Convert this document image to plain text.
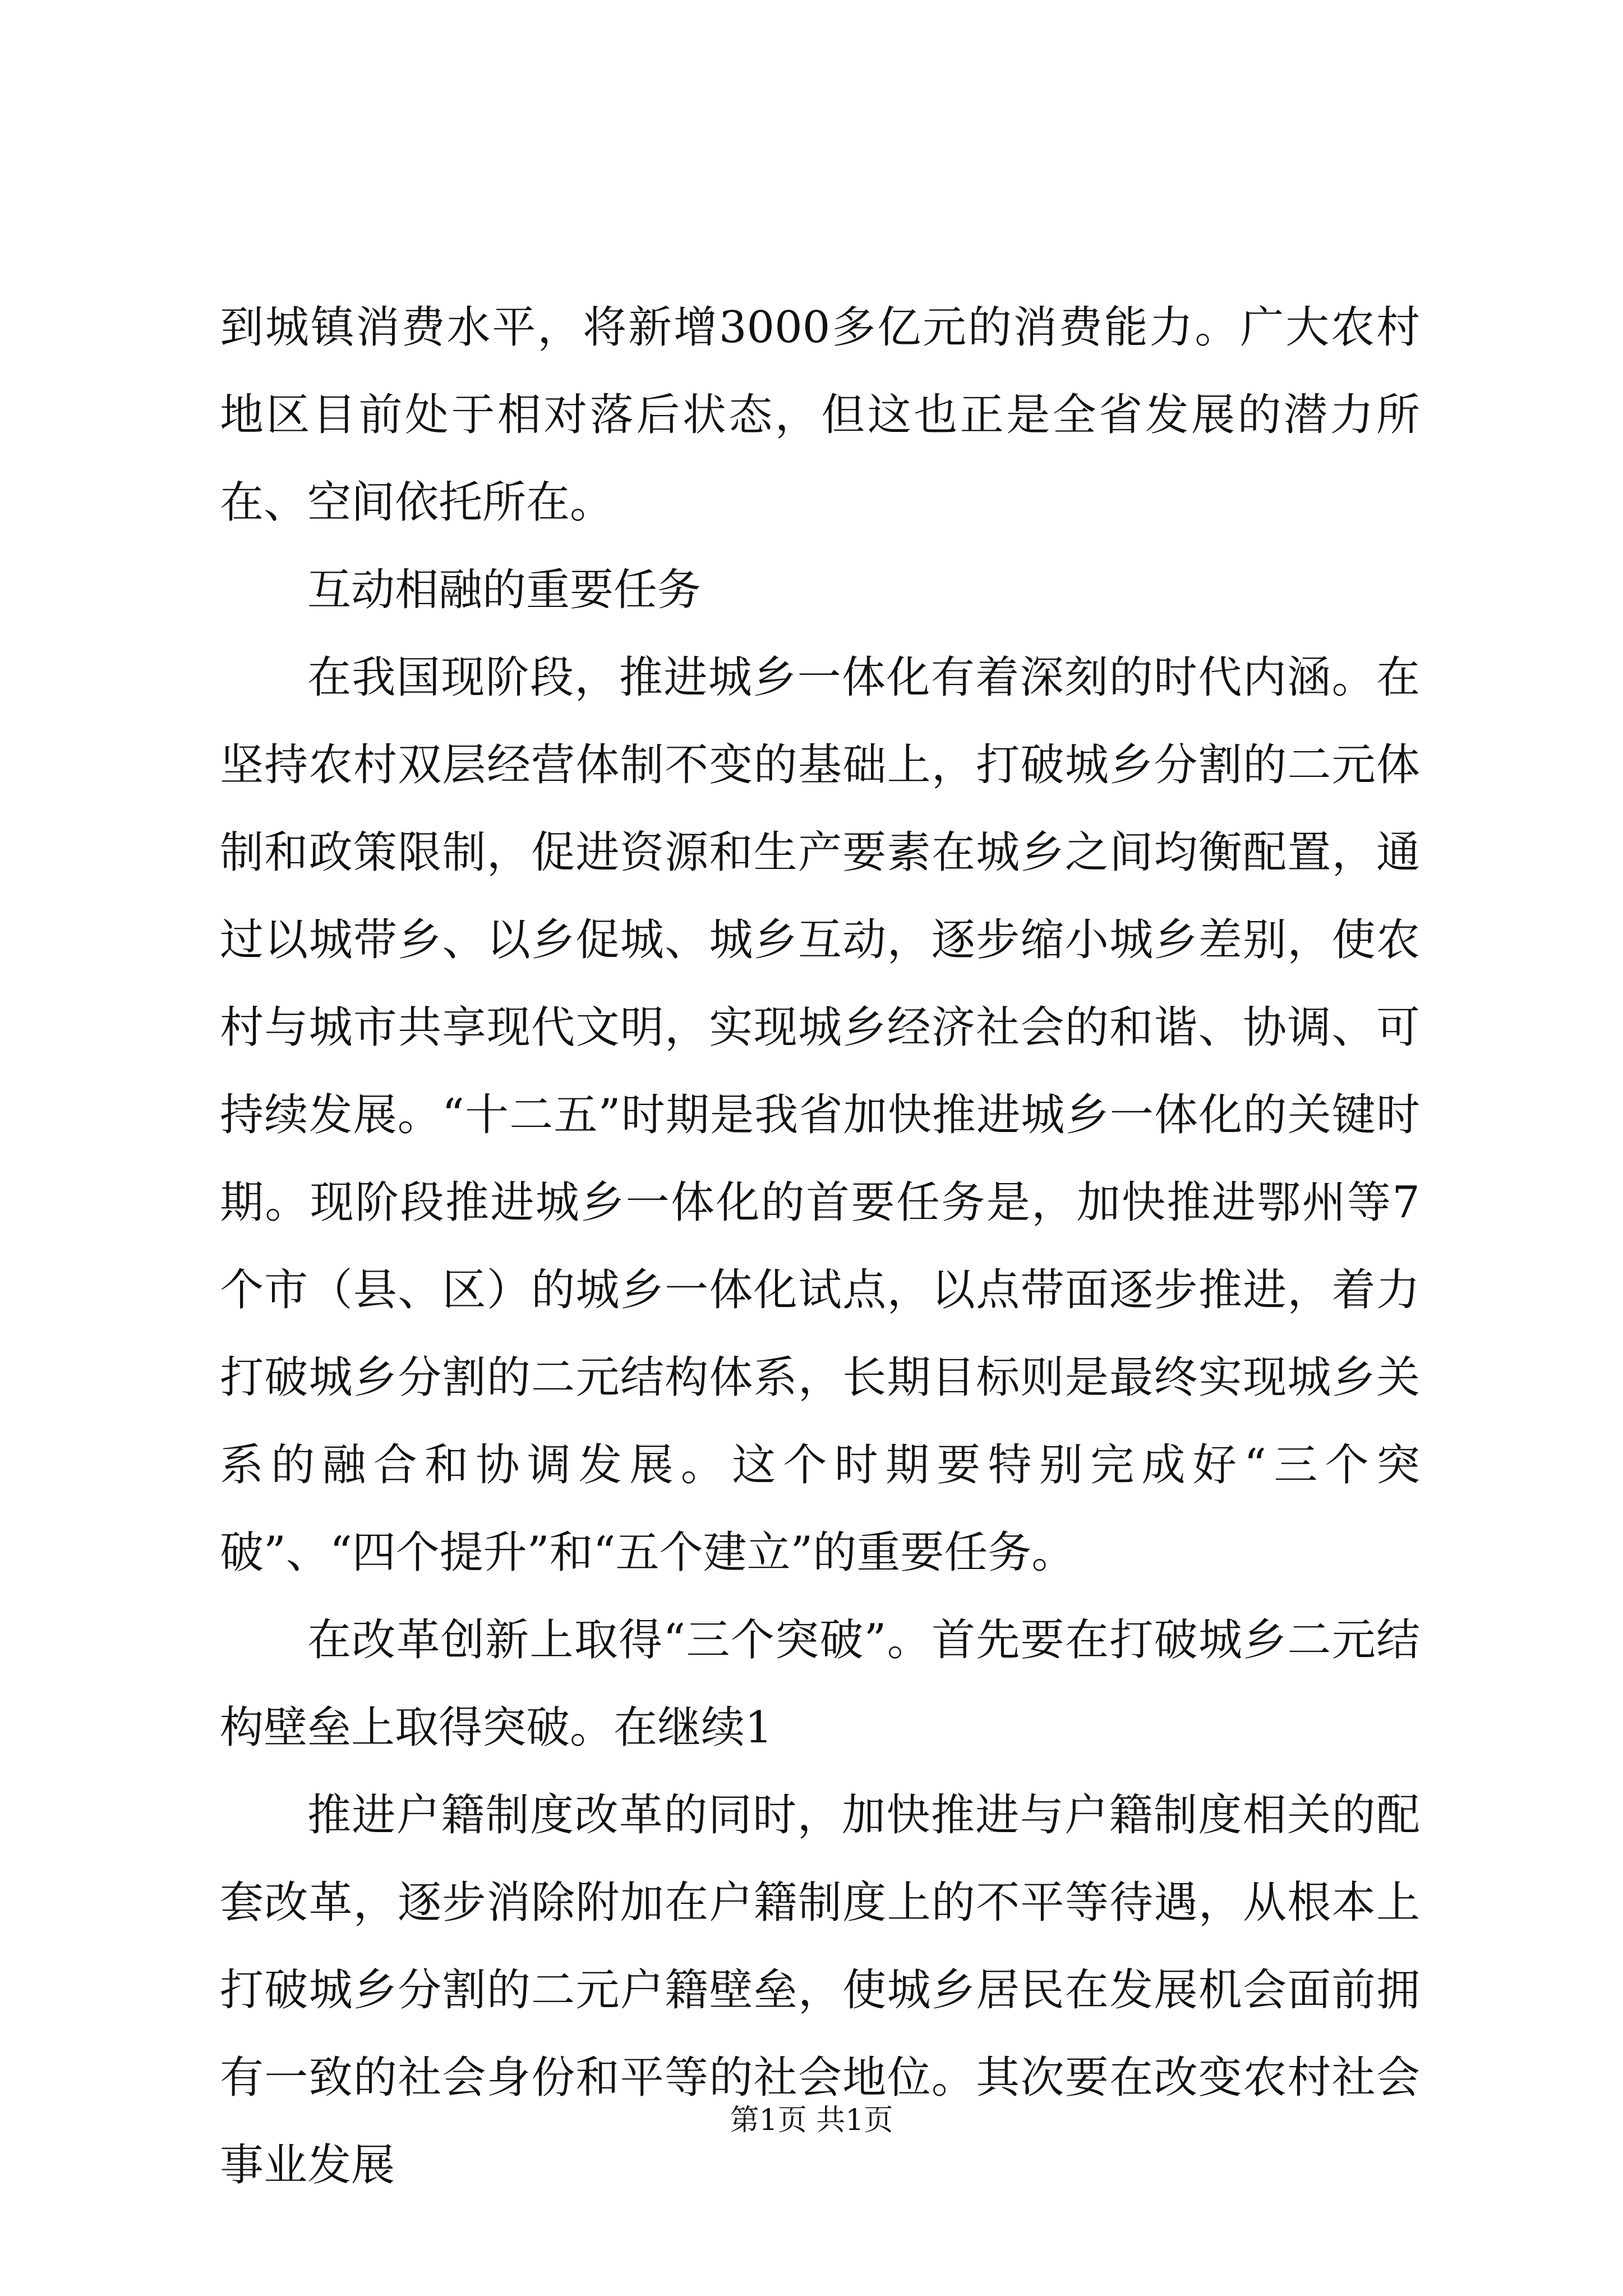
到城镇消费水平，将新增3000多亿元的消费能力。广大农村地区目前处于相对落后状态，但这也正是全省发展的潜力所在、空间依托所在。

互动相融的重要任务

在我国现阶段，推进城乡一体化有着深刻的时代内涵。在坚持农村双层经营体制不变的基础上，打破城乡分割的二元体制和政策限制，促进资源和生产要素在城乡之间均衡配置，通过以城带乡、以乡促城、城乡互动，逐步缩小城乡差别，使农村与城市共享现代文明，实现城乡经济社会的和谐、协调、可持续发展。“十二五”时期是我省加快推进城乡一体化的关键时期。现阶段推进城乡一体化的首要任务是，加快推进鄂州等7个市（县、区）的城乡一体化试点，以点带面逐步推进，着力打破城乡分割的二元结构体系，长期目标则是最终实现城乡关系的融合和协调发展。这个时期要特别完成好“三个突破”、“四个提升”和“五个建立”的重要任务。

在改革创新上取得“三个突破”。首先要在打破城乡二元结构壁垒上取得突破。在继续1

推进户籍制度改革的同时，加快推进与户籍制度相关的配套改革，逐步消除附加在户籍制度上的不平等待遇，从根本上打破城乡分割的二元户籍壁垒，使城乡居民在发展机会面前拥有一致的社会身份和平等的社会地位。其次要在改变农村社会事业发展

第1页 共1页
